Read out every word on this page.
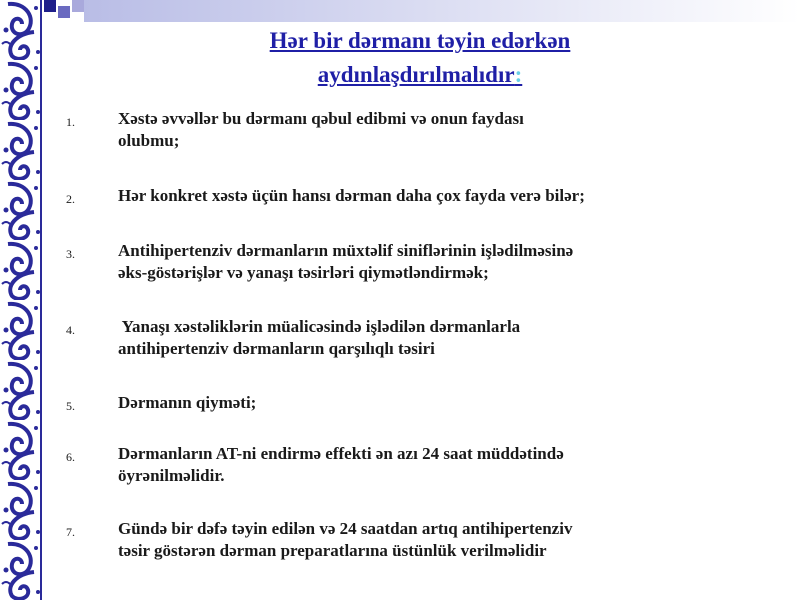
Hər bir dərmanı təyin edərkən
aydınlaşdırılmalıdır:
1.	Xəstə əvvəllər bu dərmanı qəbul edibmi və onun faydası
olubmu;
2.	Hər konkret xəstə üçün hansı dərman daha çox fayda verə bilər;
3.	Antihipertenziv dərmanların müxtəlif siniflərinin işlədilməsinə
əks-göstərişlər və yanaşı təsirləri qiymətləndirmək;
4.	Yanaşı xəstəliklərin müalicəsində işlədilən dərmanlarla
antihipertenziv dərmanların qarşılıqlı təsiri
5.	Dərmanın qiyməti;
6.	Dərmanların AT-ni endirmə effekti ən azı 24 saat müddətində
öyrənilməlidir.
7.	Gündə bir dəfə təyin edilən və 24 saatdan artıq antihipertenziv
təsir göstərən dərman preparatlarına üstünlük verilməlidir
